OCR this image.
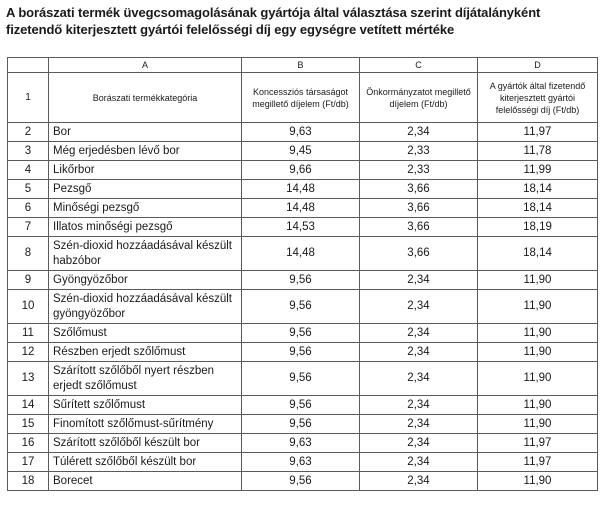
A borászati termék üvegcsomagolásának gyártója által választása szerint díjátalányként fizetendő kiterjesztett gyártói felelősségi díj egy egységre vetített mértéke
	A	B	C	D
1	Borászati termékkategória	Koncessziós társaságot megillető díjelem (Ft/db)	Önkormányzatot megillető díjelem (Ft/db)	A gyártók által fizetendő kiterjesztett gyártói felelősségi díj (Ft/db)
2	Bor	9,63	2,34	11,97
3	Még erjedésben lévő bor	9,45	2,33	11,78
4	Likőrbor	9,66	2,33	11,99
5	Pezsgő	14,48	3,66	18,14
6	Minőségi pezsgő	14,48	3,66	18,14
7	Illatos minőségi pezsgő	14,53	3,66	18,19
8	Szén-dioxid hozzáadásával készült habzóbor	14,48	3,66	18,14
9	Gyöngyözőbor	9,56	2,34	11,90
10	Szén-dioxid hozzáadásával készült gyöngyözőbor	9,56	2,34	11,90
11	Szőlőmust	9,56	2,34	11,90
12	Részben erjedt szőlőmust	9,56	2,34	11,90
13	Szárított szőlőből nyert részben erjedt szőlőmust	9,56	2,34	11,90
14	Sűrített szőlőmust	9,56	2,34	11,90
15	Finomított szőlőmust-sűrítmény	9,56	2,34	11,90
16	Szárított szőlőből készült bor	9,63	2,34	11,97
17	Túlérett szőlőből készült bor	9,63	2,34	11,97
18	Borecet	9,56	2,34	11,90
